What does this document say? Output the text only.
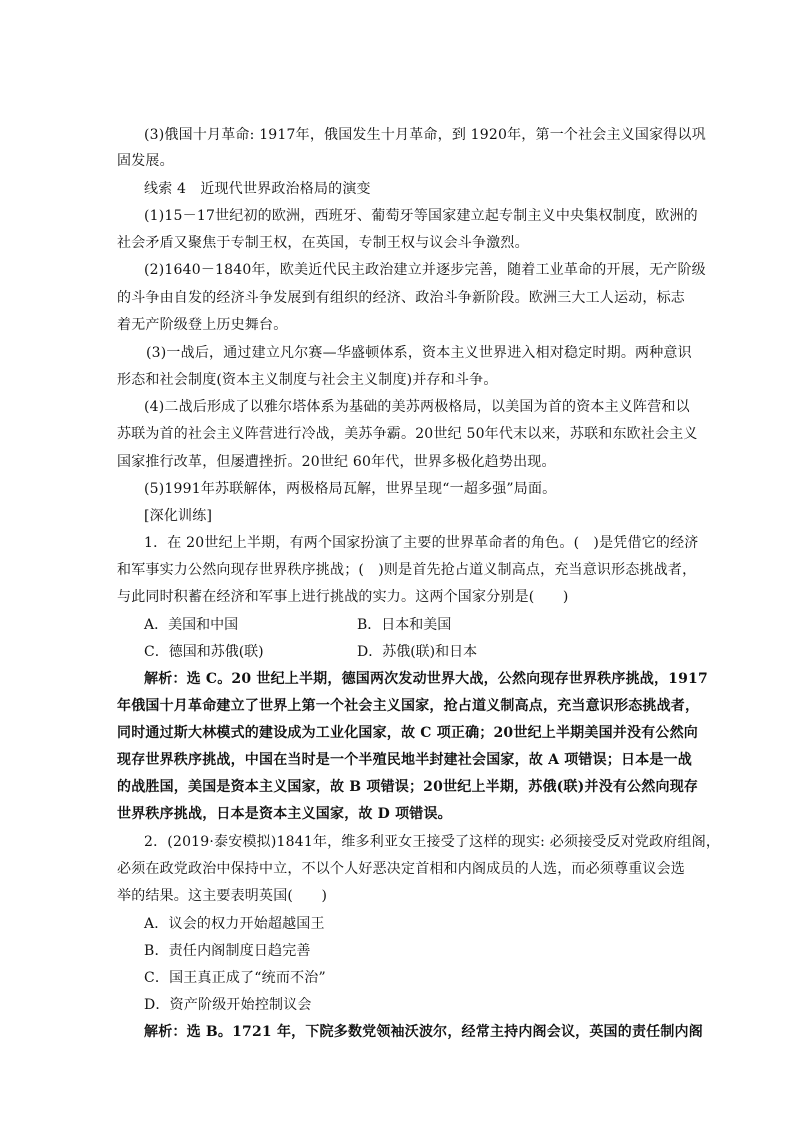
(3)俄国十月革命: 1917年，俄国发生十月革命，到 1920年，第一个社会主义国家得以巩
固发展。
线索 4　近现代世界政治格局的演变
(1)15－17世纪初的欧洲，西班牙、葡萄牙等国家建立起专制主义中央集权制度，欧洲的
社会矛盾又聚焦于专制王权，在英国，专制王权与议会斗争激烈。
(2)1640－1840年，欧美近代民主政治建立并逐步完善，随着工业革命的开展，无产阶级
的斗争由自发的经济斗争发展到有组织的经济、政治斗争新阶段。欧洲三大工人运动，标志
着无产阶级登上历史舞台。
(3)一战后，通过建立凡尔赛—华盛顿体系，资本主义世界进入相对稳定时期。两种意识
形态和社会制度(资本主义制度与社会主义制度)并存和斗争。
(4)二战后形成了以雅尔塔体系为基础的美苏两极格局，以美国为首的资本主义阵营和以
苏联为首的社会主义阵营进行冷战，美苏争霸。20世纪 50年代末以来，苏联和东欧社会主义
国家推行改革，但屡遭挫折。20世纪 60年代，世界多极化趋势出现。
(5)1991年苏联解体，两极格局瓦解，世界呈现“一超多强”局面。
[深化训练]
1．在 20世纪上半期，有两个国家扮演了主要的世界革命者的角色。(　)是凭借它的经济
和军事实力公然向现存世界秩序挑战；(　)则是首先抢占道义制高点，充当意识形态挑战者，
与此同时积蓄在经济和军事上进行挑战的实力。这两个国家分别是(　　)
A．美国和中国	B．日本和美国
C．德国和苏俄(联)	D．苏俄(联)和日本
解析：选 C。20 世纪上半期，德国两次发动世界大战，公然向现存世界秩序挑战，1917
年俄国十月革命建立了世界上第一个社会主义国家，抢占道义制高点，充当意识形态挑战者，
同时通过斯大林模式的建设成为工业化国家，故 C 项正确；20世纪上半期美国并没有公然向
现存世界秩序挑战，中国在当时是一个半殖民地半封建社会国家，故 A 项错误；日本是一战
的战胜国，美国是资本主义国家，故 B 项错误；20世纪上半期，苏俄(联)并没有公然向现存
世界秩序挑战，日本是资本主义国家，故 D 项错误。
2．(2019·泰安模拟)1841年，维多利亚女王接受了这样的现实: 必须接受反对党政府组阁，
必须在政党政治中保持中立，不以个人好恶决定首相和内阁成员的人选，而必须尊重议会选
举的结果。这主要表明英国(　　)
A．议会的权力开始超越国王
B．责任内阁制度日趋完善
C．国王真正成了“统而不治”
D．资产阶级开始控制议会
解析：选 B。1721 年，下院多数党领袖沃波尔，经常主持内阁会议，英国的责任制内阁
